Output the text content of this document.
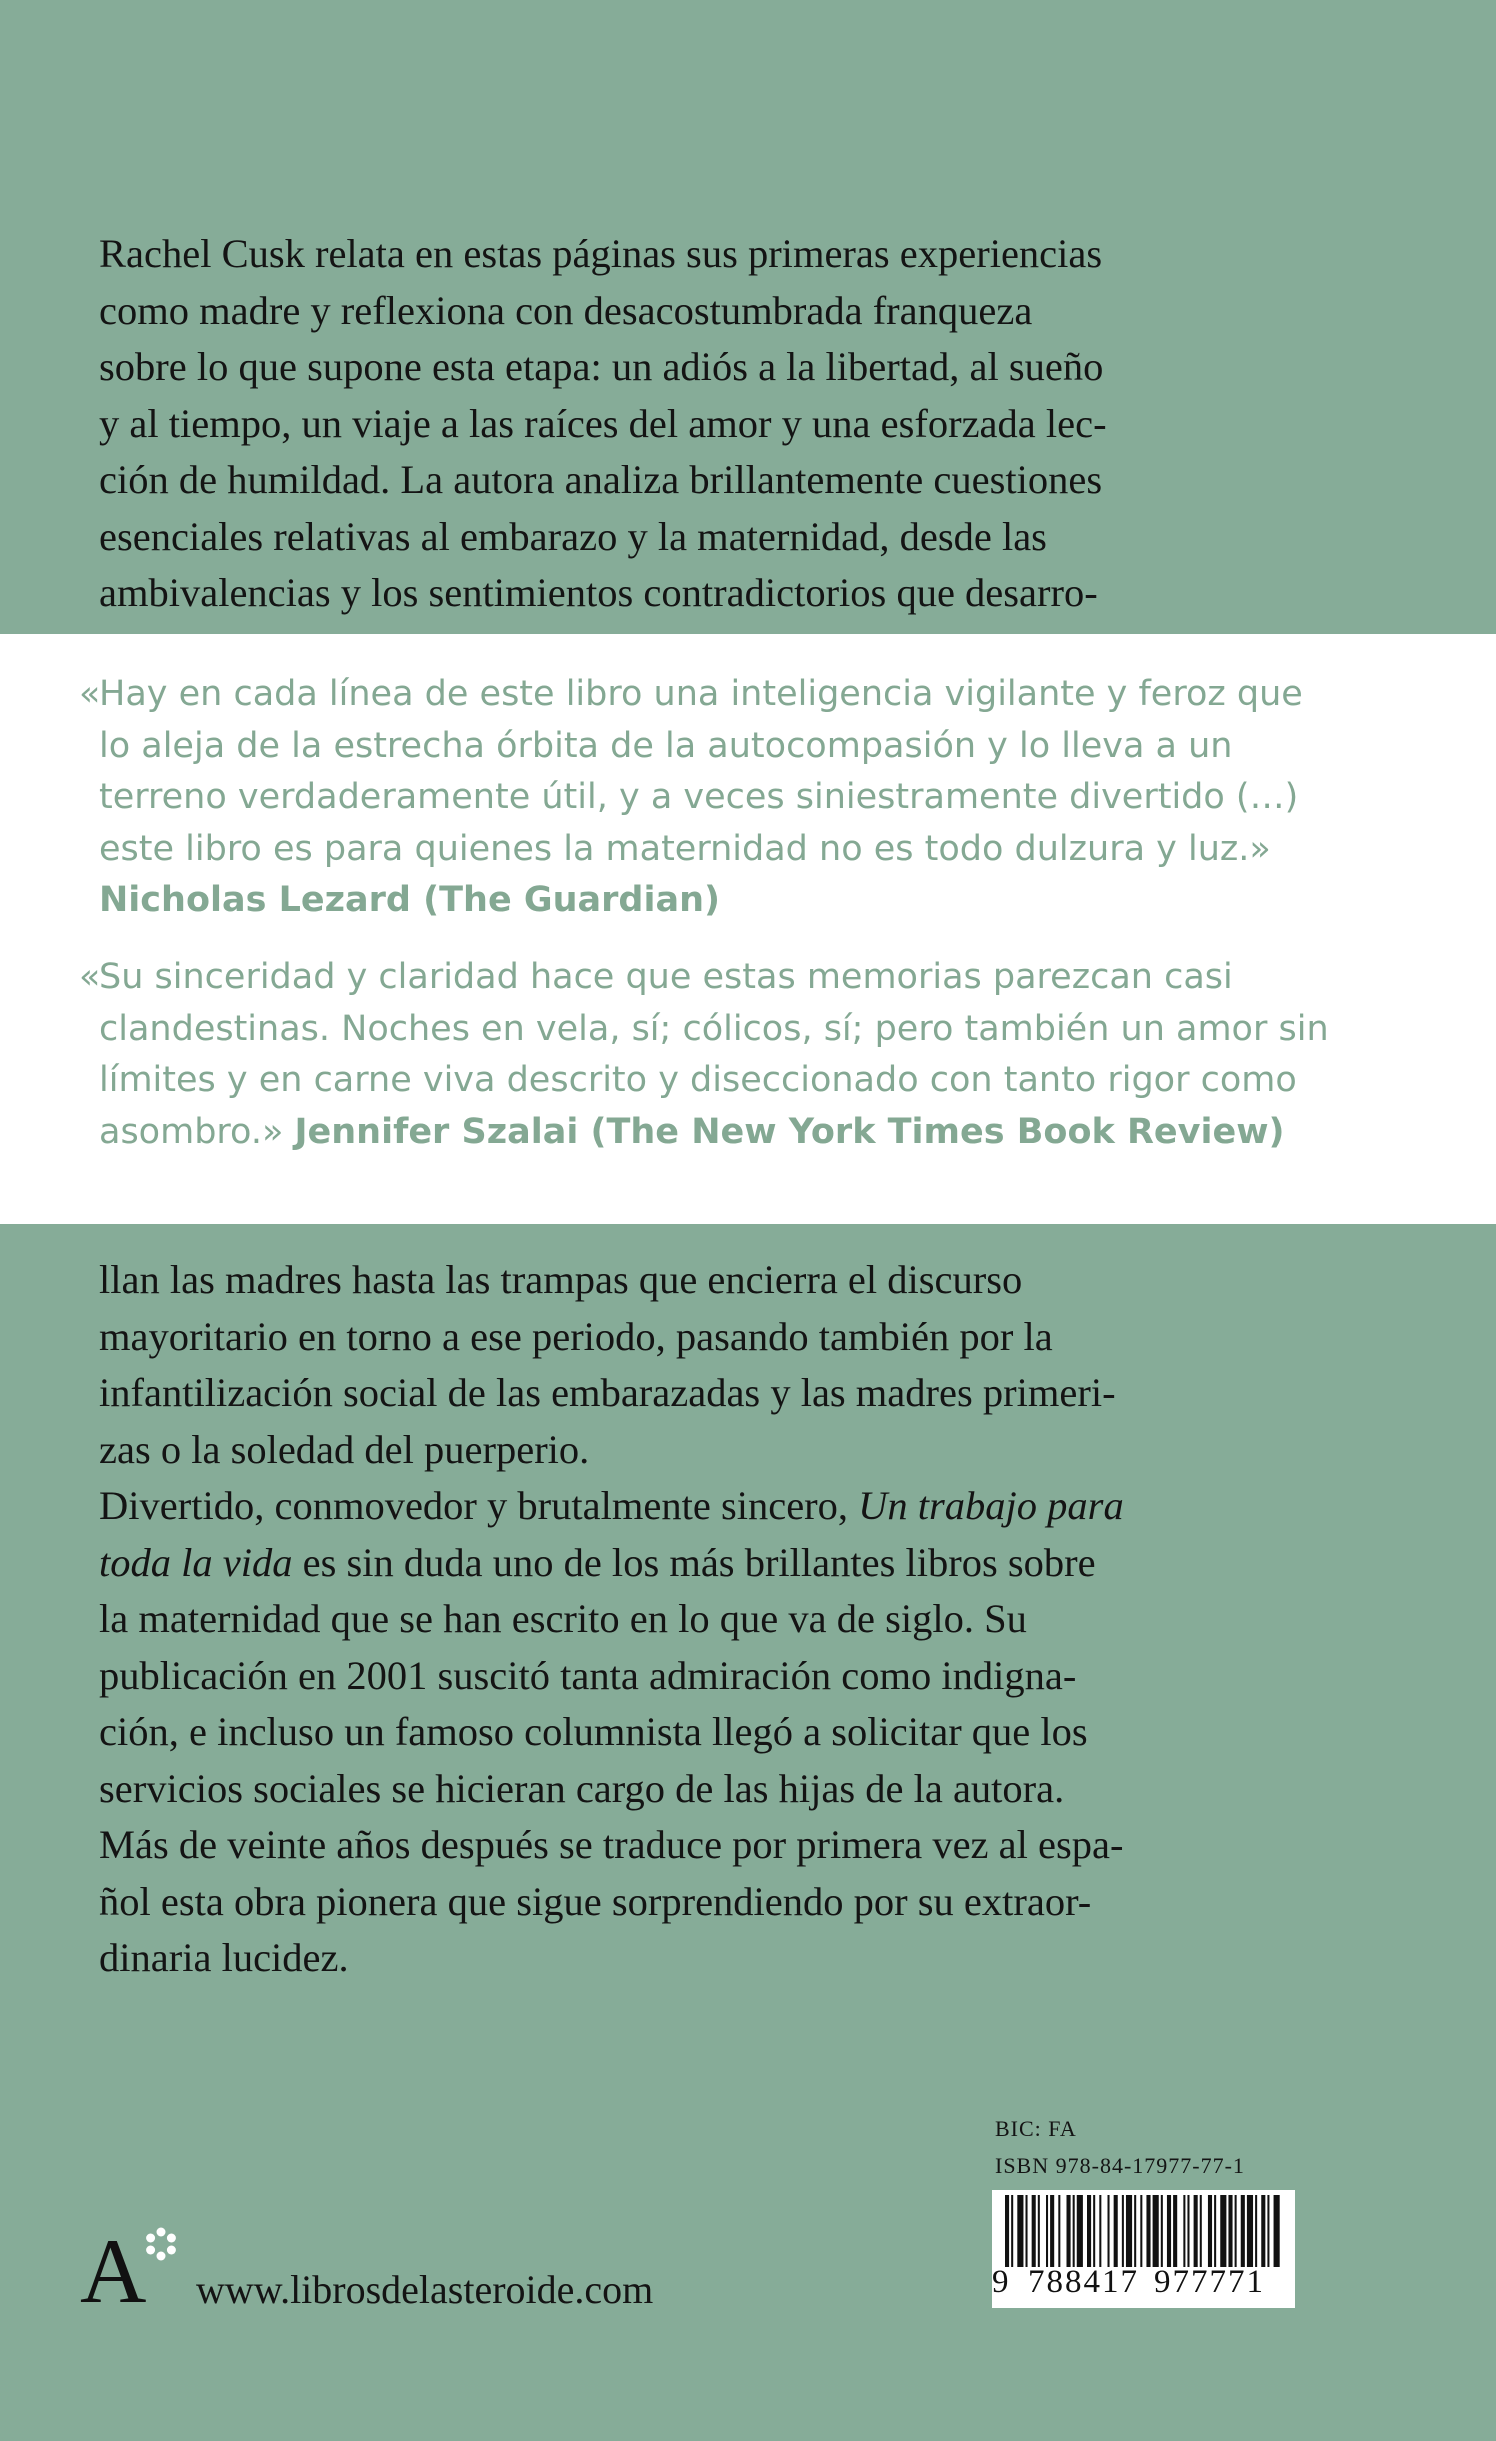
Rachel Cusk relata en estas páginas sus primeras experiencias

como madre y reflexiona con desacostumbrada franqueza

sobre lo que supone esta etapa: un adiós a la libertad, al sueño

y al tiempo, un viaje a las raíces del amor y una esforzada lec-

ción de humildad. La autora analiza brillantemente cuestiones

esenciales relativas al embarazo y la maternidad, desde las

ambivalencias y los sentimientos contradictorios que desarro-

«
Hay en cada línea de este libro una inteligencia vigilante y feroz que

lo aleja de la estrecha órbita de la autocompasión y lo lleva a un

terreno verdaderamente útil, y a veces siniestramente divertido (…)

este libro es para quienes la maternidad no es todo dulzura y luz.»

Nicholas Lezard (The Guardian)

«
Su sinceridad y claridad hace que estas memorias parezcan casi

clandestinas. Noches en vela, sí; cólicos, sí; pero también un amor sin

límites y en carne viva descrito y diseccionado con tanto rigor como

asombro.» Jennifer Szalai (The New York Times Book Review)

llan las madres hasta las trampas que encierra el discurso

mayoritario en torno a ese periodo, pasando también por la

infantilización social de las embarazadas y las madres primeri-

zas o la soledad del puerperio.

Divertido, conmovedor y brutalmente sincero, Un trabajo para

toda la vida es sin duda uno de los más brillantes libros sobre

la maternidad que se han escrito en lo que va de siglo. Su

publicación en 2001 suscitó tanta admiración como indigna-

ción, e incluso un famoso columnista llegó a solicitar que los

servicios sociales se hicieran cargo de las hijas de la autora.

Más de veinte años después se traduce por primera vez al espa-

ñol esta obra pionera que sigue sorprendiendo por su extraor-

dinaria lucidez.

A www.librosdelasteroide.com
BIC: FA
ISBN 978-84-17977-77-1
9 788417 977771
